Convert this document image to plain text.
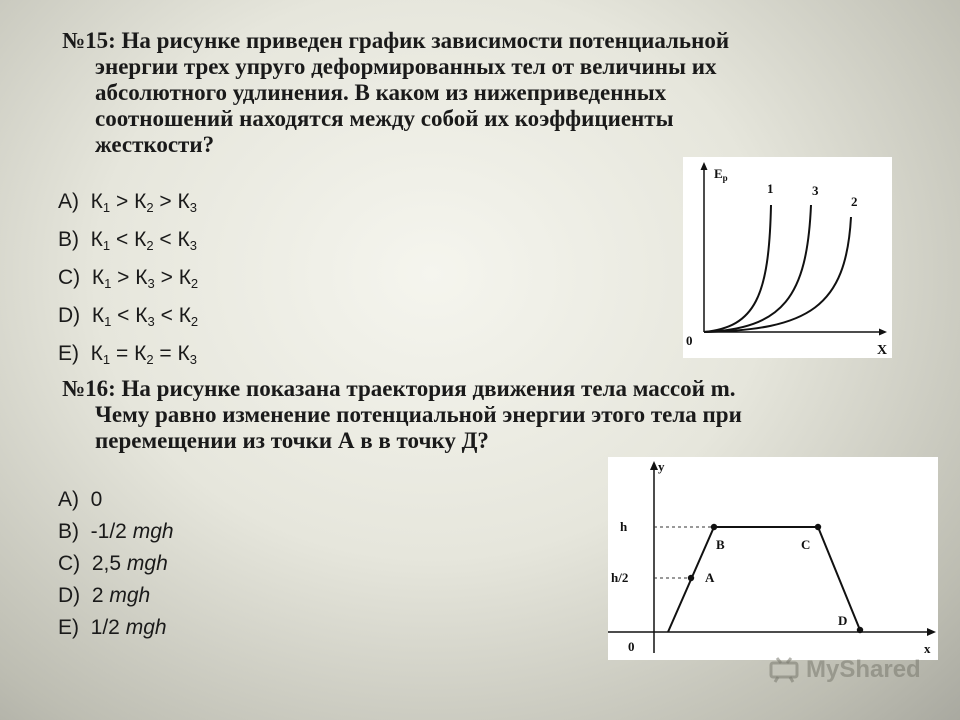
№15: На рисунке приведен график зависимости потенциальной
энергии трех упруго деформированных тел от величины их
абсолютного удлинения. В каком из нижеприведенных
соотношений находятся между собой их коэффициенты
жесткости?
А) $К_1 > К_2 > К_3$
В) $К_1 < К_2 < К_3$
С) $К_1 > К_3 > К_2$
D) $К_1 < К_3 < К_2$
Е) $К_1 = К_2 = К_3$
$E_p$
X
0
1	3
2
№16: На рисунке показана траектория движения тела массой m.
Чему равно изменение потенциальной энергии этого тела при
перемещении из точки А в в точку Д?
А) 0
В) -1/2 mgh
С) 2,5 mgh
D) 2 mgh
Е) 1/2 mgh
y
x
0
h
h/2	A
B	C
D
MyShared
